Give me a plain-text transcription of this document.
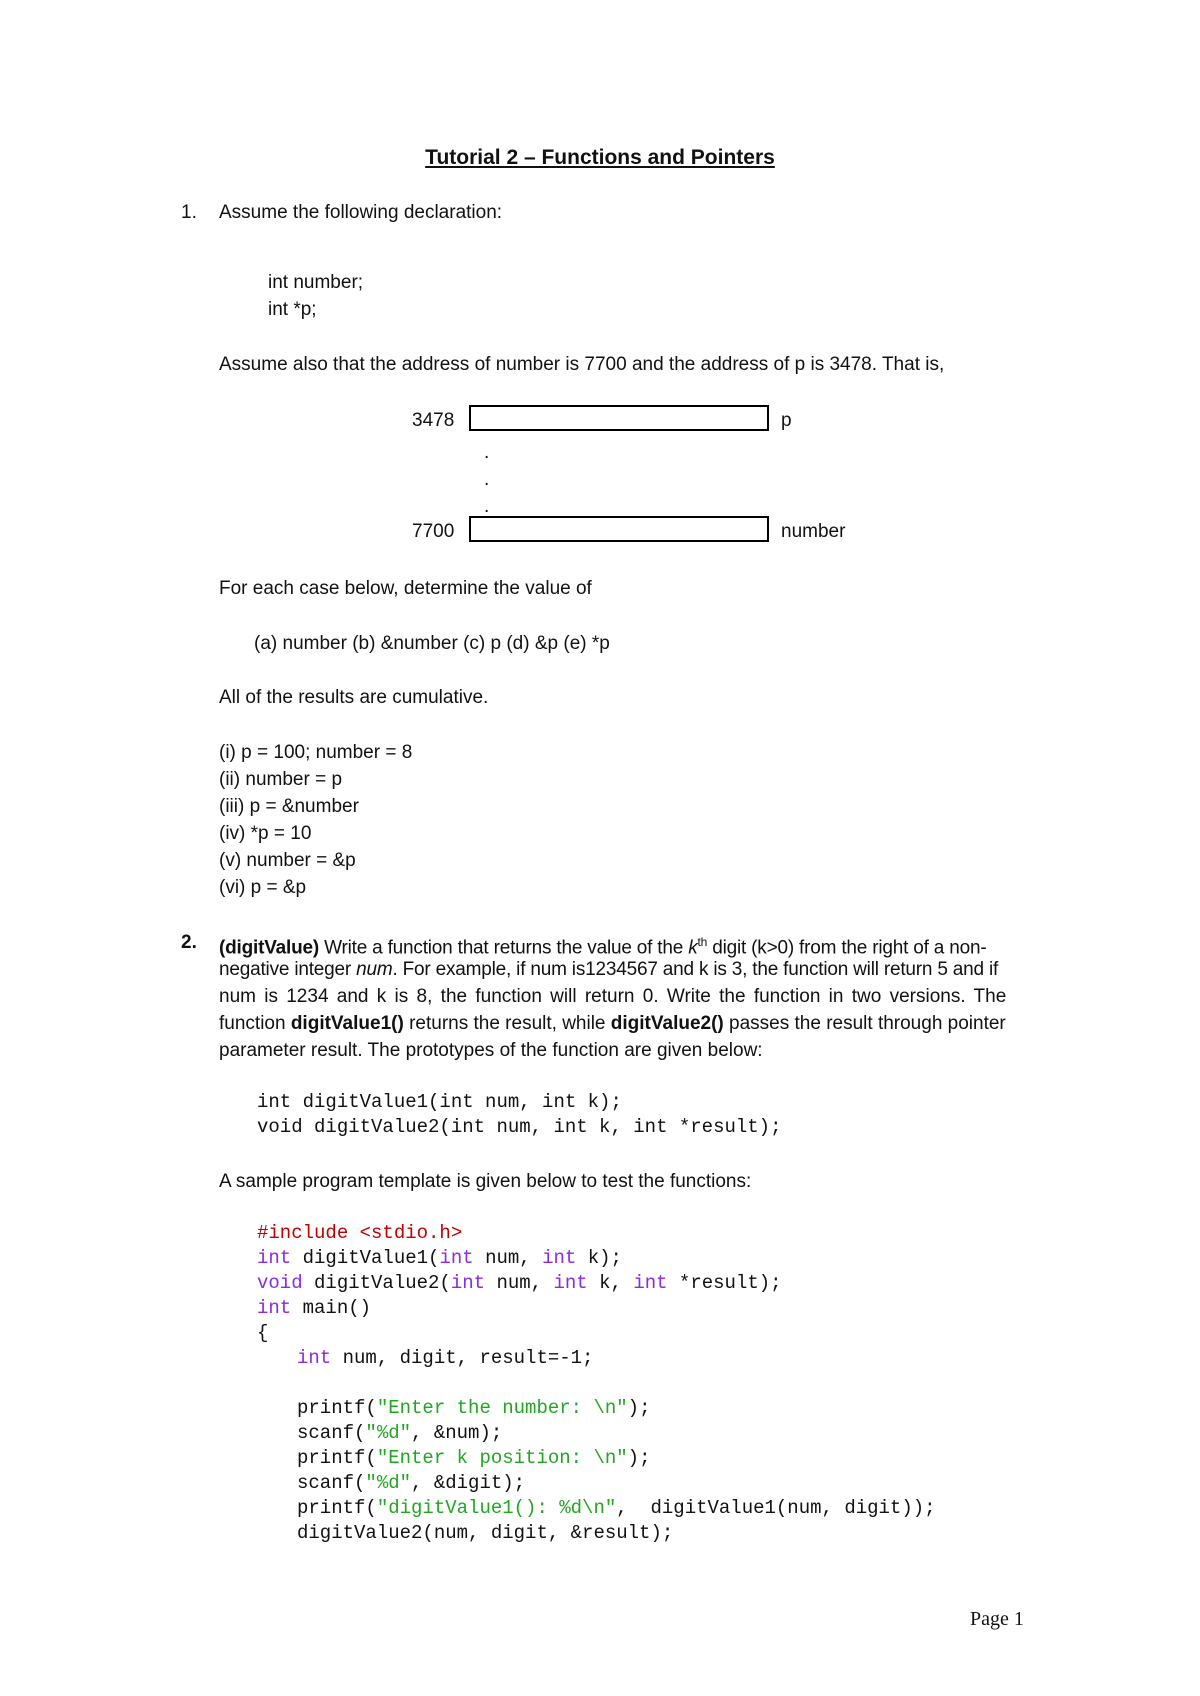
Tutorial 2 – Functions and Pointers
1. Assume the following declaration:
int number;
int *p;
Assume also that the address of number is 7700 and the address of p is 3478. That is,
3478	p
.
.
.
7700	number
For each case below, determine the value of
(a) number (b) &number (c) p (d) &p (e) *p
All of the results are cumulative.
(i) p = 100; number = 8
(ii) number = p
(iii) p = &number
(iv) *p = 10
(v) number = &p
(vi) p = &p
2. (digitValue) Write a function that returns the value of the $k^{th}$ digit (k>0) from the right of a non-
negative integer num. For example, if num is1234567 and k is 3, the function will return 5 and if
num is 1234 and k is 8, the function will return 0. Write the function in two versions. The
function digitValue1() returns the result, while digitValue2() passes the result through pointer
parameter result. The prototypes of the function are given below:
int digitValue1(int num, int k);
void digitValue2(int num, int k, int *result);
A sample program template is given below to test the functions:
#include <stdio.h>
int digitValue1(int num, int k);
void digitValue2(int num, int k, int *result);
int main()
{
int num, digit, result=-1;
printf("Enter the number: \n");
scanf("%d", &num);
printf("Enter k position: \n");
scanf("%d", &digit);
printf("digitValue1(): %d\n",  digitValue1(num, digit));
digitValue2(num, digit, &result);
Page 1
